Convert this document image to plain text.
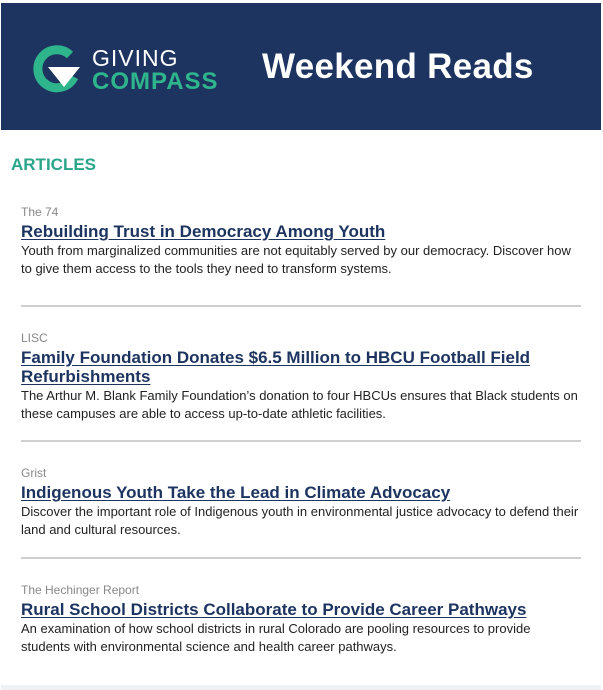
GIVING
COMPASS Weekend Reads
ARTICLES
The 74
Rebuilding Trust in Democracy Among Youth
Youth from marginalized communities are not equitably served by our democracy. Discover how to give them access to the tools they need to transform systems.
LISC
Family Foundation Donates $6.5 Million to HBCU Football Field Refurbishments
The Arthur M. Blank Family Foundation’s donation to four HBCUs ensures that Black students on these campuses are able to access up-to-date athletic facilities.
Grist
Indigenous Youth Take the Lead in Climate Advocacy
Discover the important role of Indigenous youth in environmental justice advocacy to defend their land and cultural resources.
The Hechinger Report
Rural School Districts Collaborate to Provide Career Pathways
An examination of how school districts in rural Colorado are pooling resources to provide students with environmental science and health career pathways.
